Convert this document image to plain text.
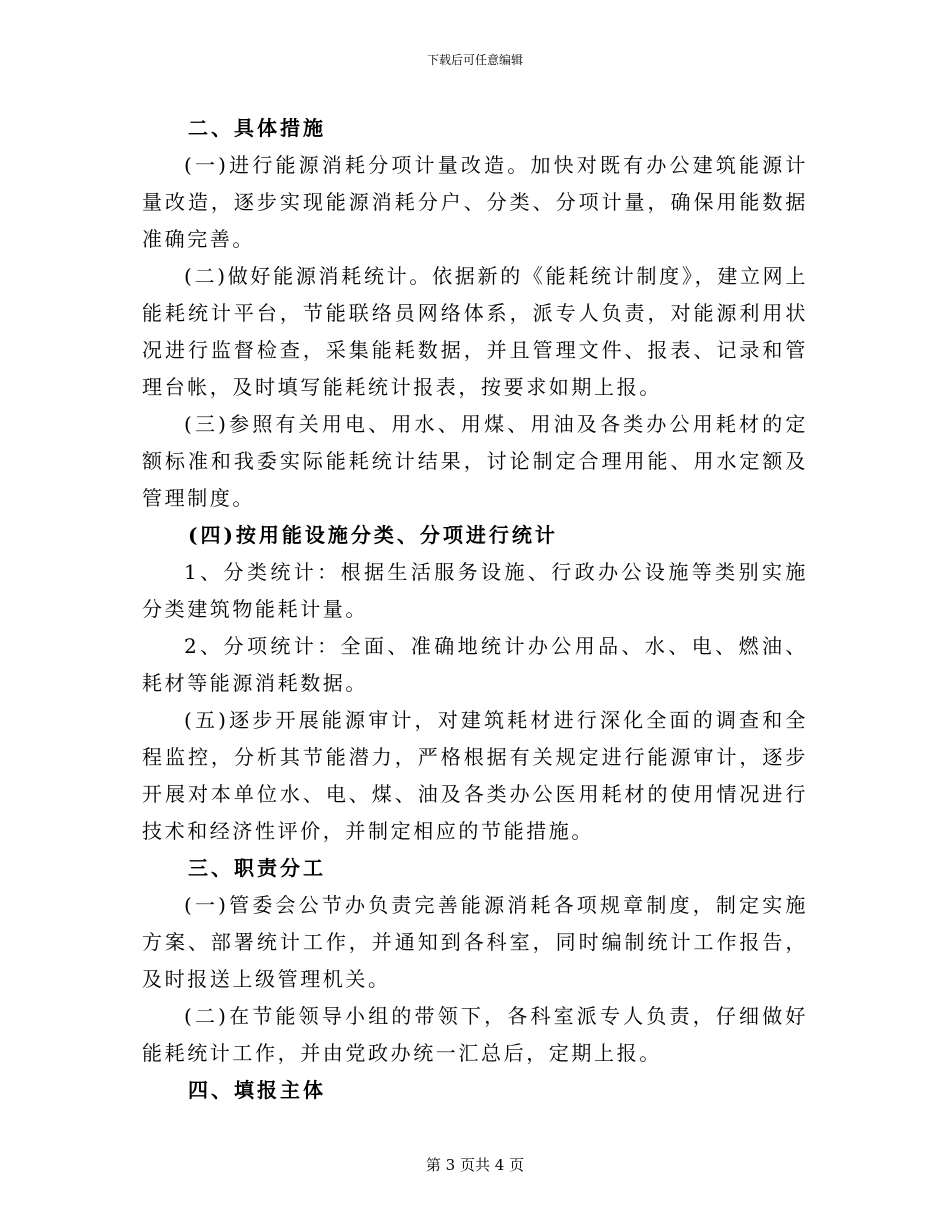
下载后可任意编辑

二、具体措施

(一)进行能源消耗分项计量改造。加快对既有办公建筑能源计量改造，逐步实现能源消耗分户、分类、分项计量，确保用能数据准确完善。

(二)做好能源消耗统计。依据新的《能耗统计制度》，建立网上能耗统计平台，节能联络员网络体系，派专人负责，对能源利用状况进行监督检查，采集能耗数据，并且管理文件、报表、记录和管理台帐，及时填写能耗统计报表，按要求如期上报。

(三)参照有关用电、用水、用煤、用油及各类办公用耗材的定额标准和我委实际能耗统计结果，讨论制定合理用能、用水定额及管理制度。

(四)按用能设施分类、分项进行统计

1、分类统计：根据生活服务设施、行政办公设施等类别实施分类建筑物能耗计量。

2、分项统计：全面、准确地统计办公用品、水、电、燃油、耗材等能源消耗数据。

(五)逐步开展能源审计，对建筑耗材进行深化全面的调查和全程监控，分析其节能潜力，严格根据有关规定进行能源审计，逐步开展对本单位水、电、煤、油及各类办公医用耗材的使用情况进行技术和经济性评价，并制定相应的节能措施。

三、职责分工

(一)管委会公节办负责完善能源消耗各项规章制度，制定实施方案、部署统计工作，并通知到各科室，同时编制统计工作报告，及时报送上级管理机关。

(二)在节能领导小组的带领下，各科室派专人负责，仔细做好能耗统计工作，并由党政办统一汇总后，定期上报。

四、填报主体

第 3 页共 4 页
